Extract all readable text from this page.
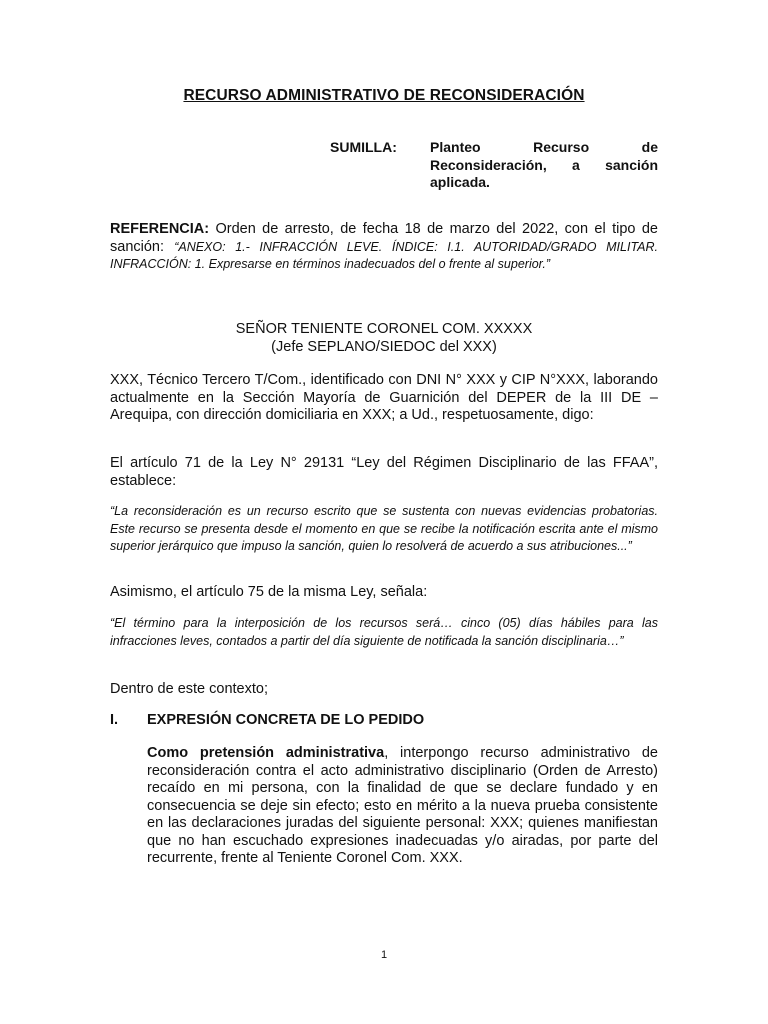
RECURSO ADMINISTRATIVO DE RECONSIDERACIÓN
SUMILLA: Planteo Recurso de Reconsideración, a sanción aplicada.
REFERENCIA: Orden de arresto, de fecha 18 de marzo del 2022, con el tipo de sanción: “ANEXO: 1.- INFRACCIÓN LEVE. ÍNDICE: I.1. AUTORIDAD/GRADO MILITAR. INFRACCIÓN: 1. Expresarse en términos inadecuados del o frente al superior.”
SEÑOR TENIENTE CORONEL COM. XXXXX
(Jefe SEPLANO/SIEDOC del XXX)
XXX, Técnico Tercero T/Com., identificado con DNI N° XXX y CIP N°XXX, laborando actualmente en la Sección Mayoría de Guarnición del DEPER de la III DE – Arequipa, con dirección domiciliaria en XXX; a Ud., respetuosamente, digo:
El artículo 71 de la Ley N° 29131 “Ley del Régimen Disciplinario de las FFAA”, establece:
“La reconsideración es un recurso escrito que se sustenta con nuevas evidencias probatorias. Este recurso se presenta desde el momento en que se recibe la notificación escrita ante el mismo superior jerárquico que impuso la sanción, quien lo resolverá de acuerdo a sus atribuciones...”
Asimismo, el artículo 75 de la misma Ley, señala:
“El término para la interposición de los recursos será… cinco (05) días hábiles para las infracciones leves, contados a partir del día siguiente de notificada la sanción disciplinaria…”
Dentro de este contexto;
I. EXPRESIÓN CONCRETA DE LO PEDIDO
Como pretensión administrativa, interpongo recurso administrativo de reconsideración contra el acto administrativo disciplinario (Orden de Arresto) recaído en mi persona, con la finalidad de que se declare fundado y en consecuencia se deje sin efecto; esto en mérito a la nueva prueba consistente en las declaraciones juradas del siguiente personal: XXX; quienes manifiestan que no han escuchado expresiones inadecuadas y/o airadas, por parte del recurrente, frente al Teniente Coronel Com. XXX.
1
